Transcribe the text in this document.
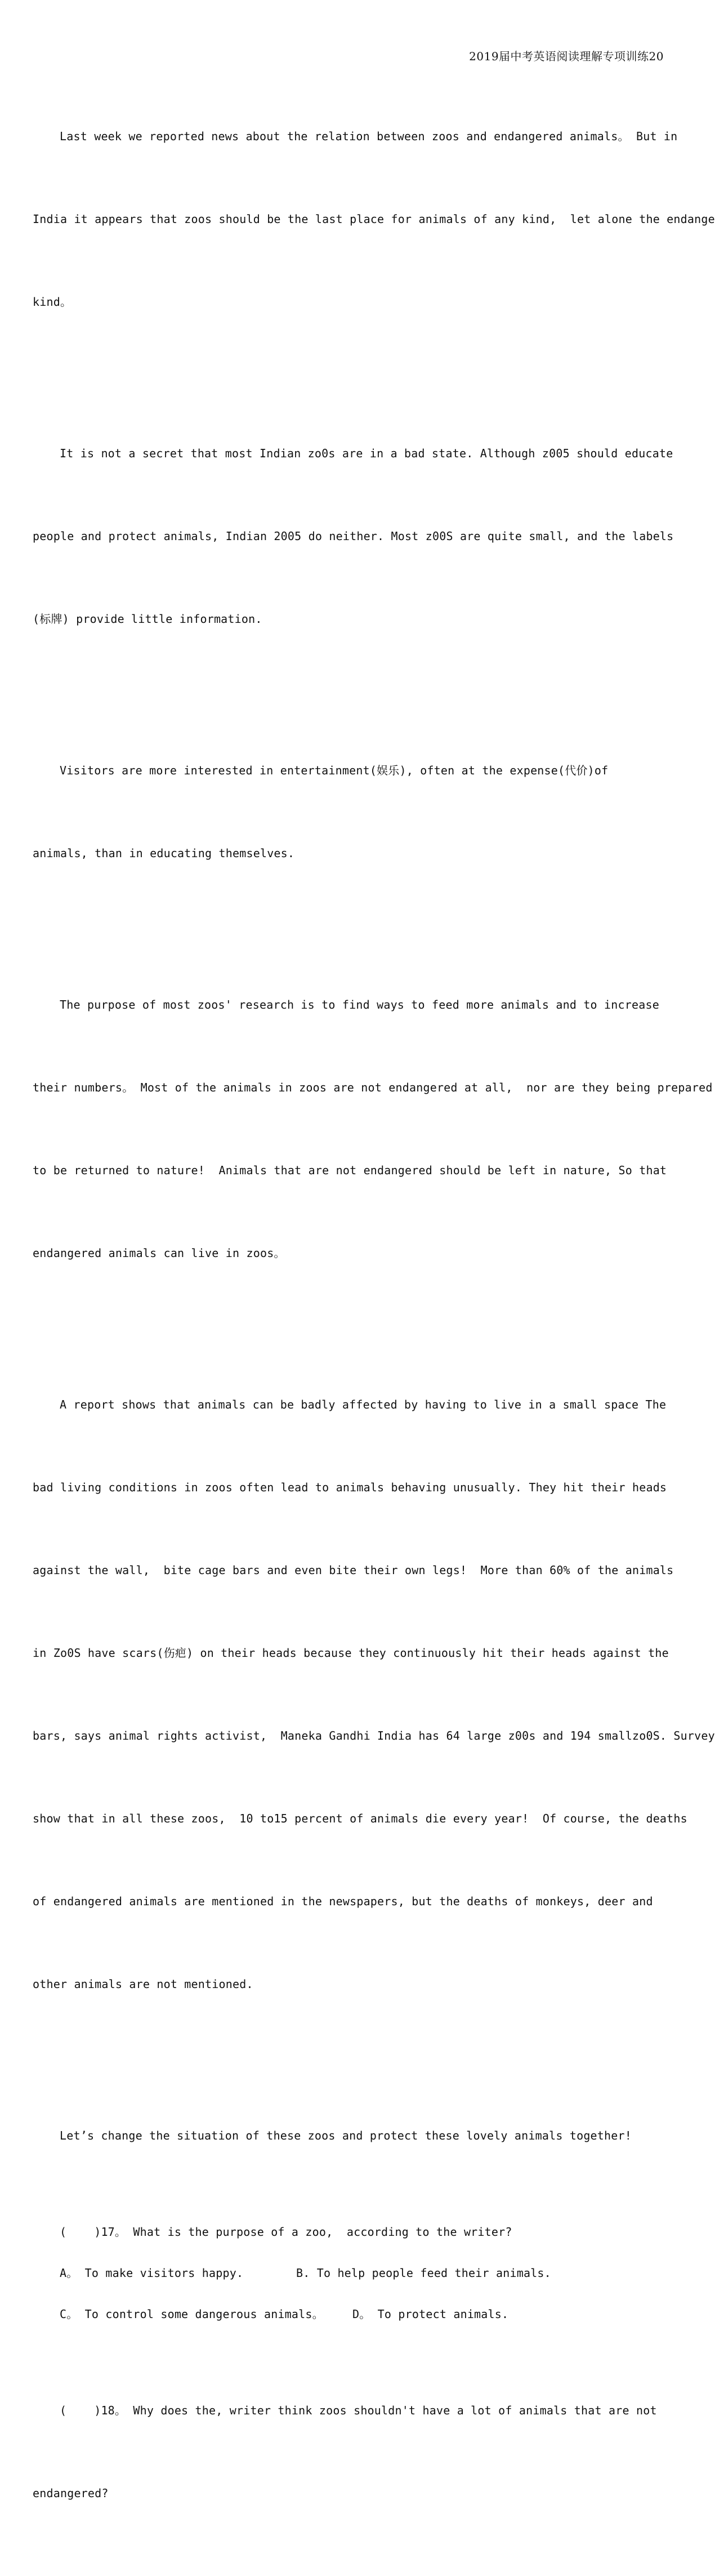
2019届中考英语阅读理解专项训练20

Last week we reported news about the relation between zoos and endangered animals。 But in

India it appears that zoos should be the last place for animals of any kind,  let alone the endange

kind。

It is not a secret that most Indian zo0s are in a bad state. Although z005 should educate

people and protect animals, Indian 2005 do neither. Most z00S are quite small, and the labels

(标牌) provide little information.

Visitors are more interested in entertainment(娱乐), often at the expense(代价)of

animals, than in educating themselves.

The purpose of most zoos' research is to find ways to feed more animals and to increase

their numbers。 Most of the animals in zoos are not endangered at all,  nor are they being prepared

to be returned to nature!  Animals that are not endangered should be left in nature, So that

endangered animals can live in zoos。

A report shows that animals can be badly affected by having to live in a small space The

bad living conditions in zoos often lead to animals behaving unusually. They hit their heads

against the wall,  bite cage bars and even bite their own legs!  More than 60% of the animals

in Zo0S have scars(伤疤) on their heads because they continuously hit their heads against the

bars, says animal rights activist,  Maneka Gandhi India has 64 large z00s and 194 smallzo0S. Survey

show that in all these zoos,  10 to15 percent of animals die every year!  Of course, the deaths

of endangered animals are mentioned in the newspapers, but the deaths of monkeys, deer and

other animals are not mentioned.

Let’s change the situation of these zoos and protect these lovely animals together!

(    )17。 What is the purpose of a zoo,  according to the writer?
A。 To make visitors happy.	B. To help people feed their animals.
C。 To control some dangerous animals。	D。 To protect animals.

(    )18。 Why does the, writer think zoos shouldn't have a lot of animals that are not

endangered?
